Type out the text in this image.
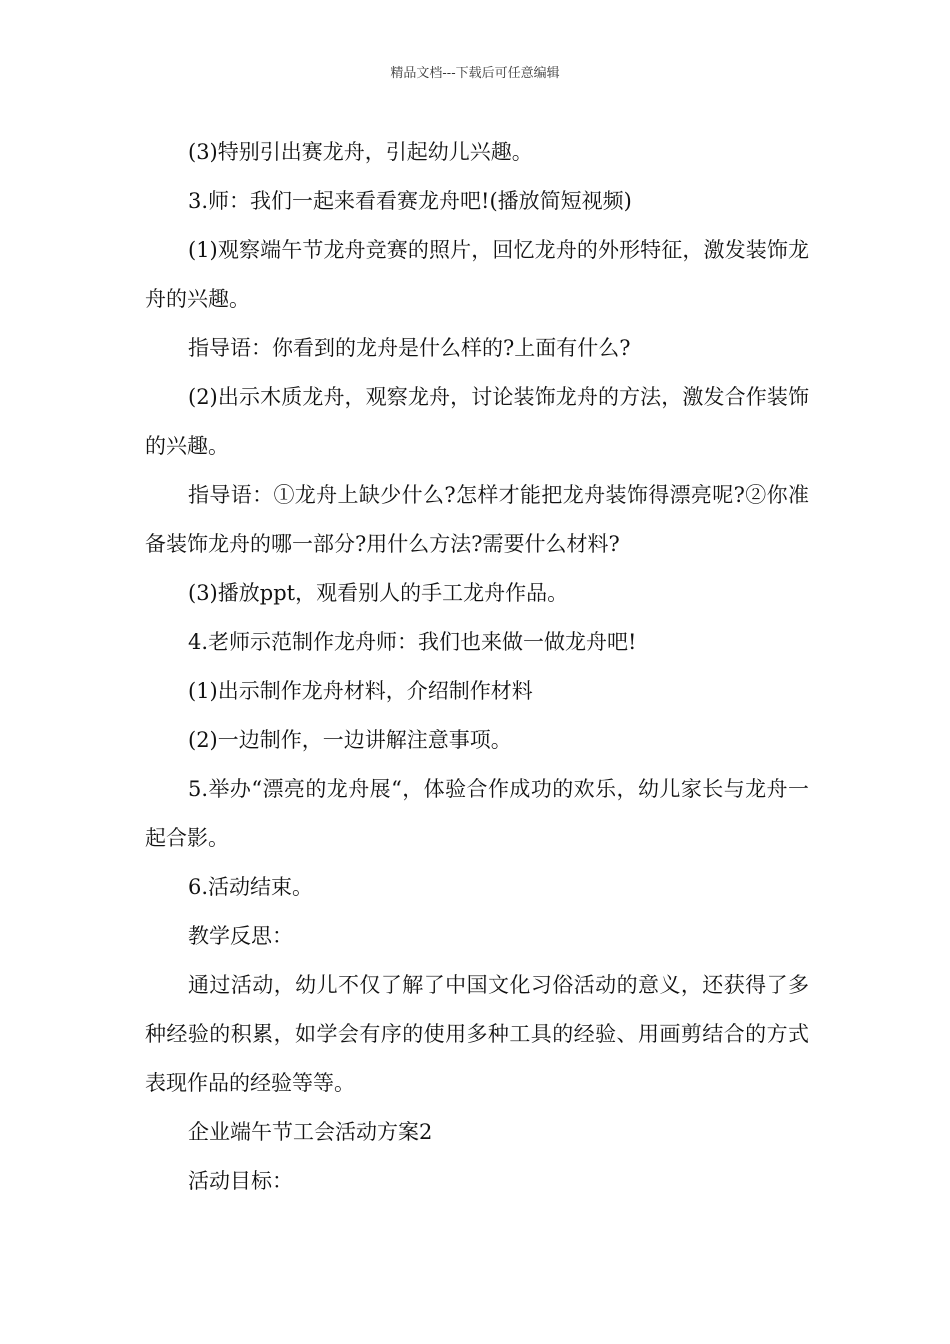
精品文档---下载后可任意编辑

(3)特别引出赛龙舟，引起幼儿兴趣。

3.师：我们一起来看看赛龙舟吧!(播放简短视频)

(1)观察端午节龙舟竞赛的照片，回忆龙舟的外形特征，激发装饰龙舟的兴趣。

指导语：你看到的龙舟是什么样的?上面有什么?

(2)出示木质龙舟，观察龙舟，讨论装饰龙舟的方法，激发合作装饰的兴趣。

指导语：①龙舟上缺少什么?怎样才能把龙舟装饰得漂亮呢?②你准备装饰龙舟的哪一部分?用什么方法?需要什么材料?

(3)播放ppt，观看别人的手工龙舟作品。

4.老师示范制作龙舟师：我们也来做一做龙舟吧!

(1)出示制作龙舟材料，介绍制作材料

(2)一边制作，一边讲解注意事项。

5.举办“漂亮的龙舟展“，体验合作成功的欢乐，幼儿家长与龙舟一起合影。

6.活动结束。

教学反思：

通过活动，幼儿不仅了解了中国文化习俗活动的意义，还获得了多种经验的积累，如学会有序的使用多种工具的经验、用画剪结合的方式表现作品的经验等等。

企业端午节工会活动方案2

活动目标：
